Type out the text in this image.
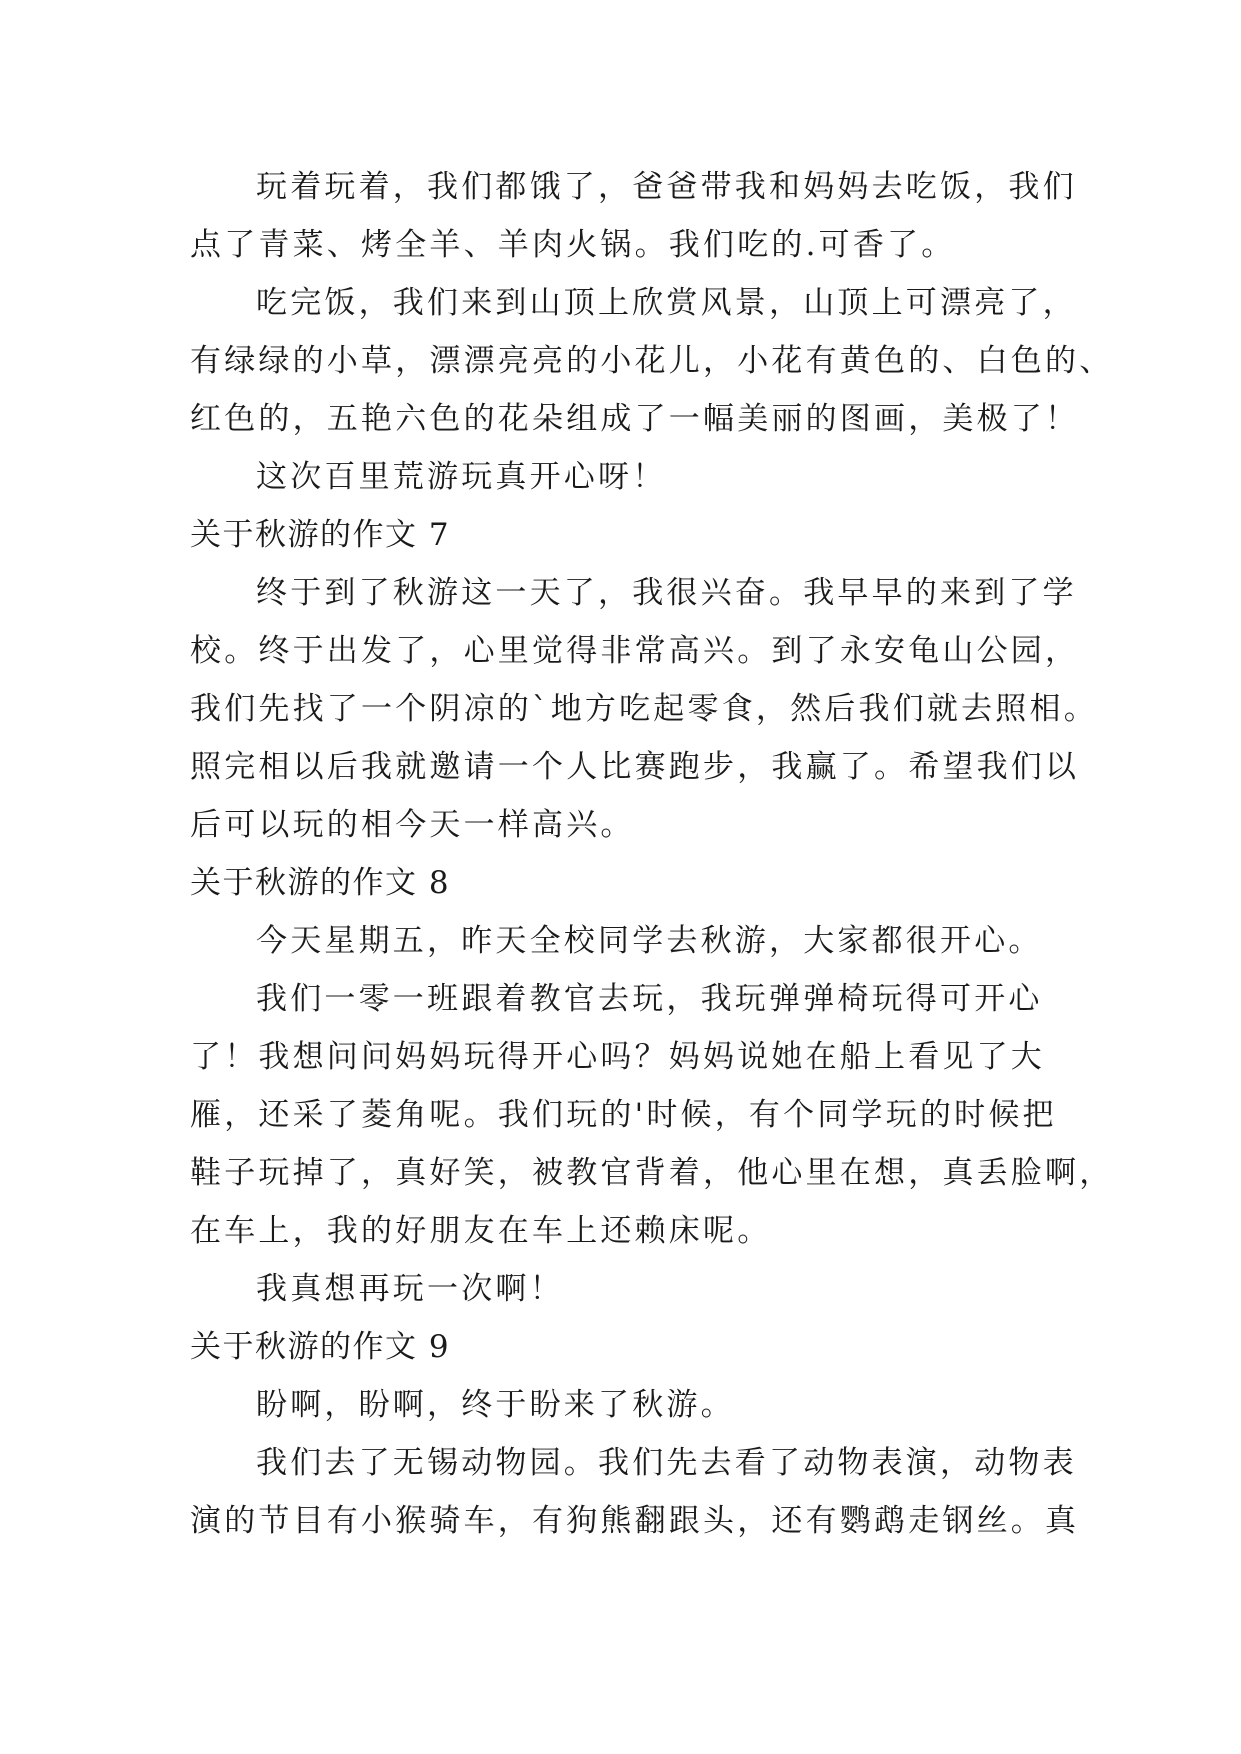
玩着玩着，我们都饿了，爸爸带我和妈妈去吃饭，我们
点了青菜、烤全羊、羊肉火锅。我们吃的.可香了。
吃完饭，我们来到山顶上欣赏风景，山顶上可漂亮了，
有绿绿的小草，漂漂亮亮的小花儿，小花有黄色的、白色的、
红色的，五艳六色的花朵组成了一幅美丽的图画，美极了！
这次百里荒游玩真开心呀！
关于秋游的作文 7
终于到了秋游这一天了，我很兴奋。我早早的来到了学
校。终于出发了，心里觉得非常高兴。到了永安龟山公园，
我们先找了一个阴凉的`地方吃起零食，然后我们就去照相。
照完相以后我就邀请一个人比赛跑步，我赢了。希望我们以
后可以玩的相今天一样高兴。
关于秋游的作文 8
今天星期五，昨天全校同学去秋游，大家都很开心。
我们一零一班跟着教官去玩，我玩弹弹椅玩得可开心
了！我想问问妈妈玩得开心吗？妈妈说她在船上看见了大
雁，还采了菱角呢。我们玩的'时候，有个同学玩的时候把
鞋子玩掉了，真好笑，被教官背着，他心里在想，真丢脸啊，
在车上，我的好朋友在车上还赖床呢。
我真想再玩一次啊！
关于秋游的作文 9
盼啊，盼啊，终于盼来了秋游。
我们去了无锡动物园。我们先去看了动物表演，动物表
演的节目有小猴骑车，有狗熊翻跟头，还有鹦鹉走钢丝。真
